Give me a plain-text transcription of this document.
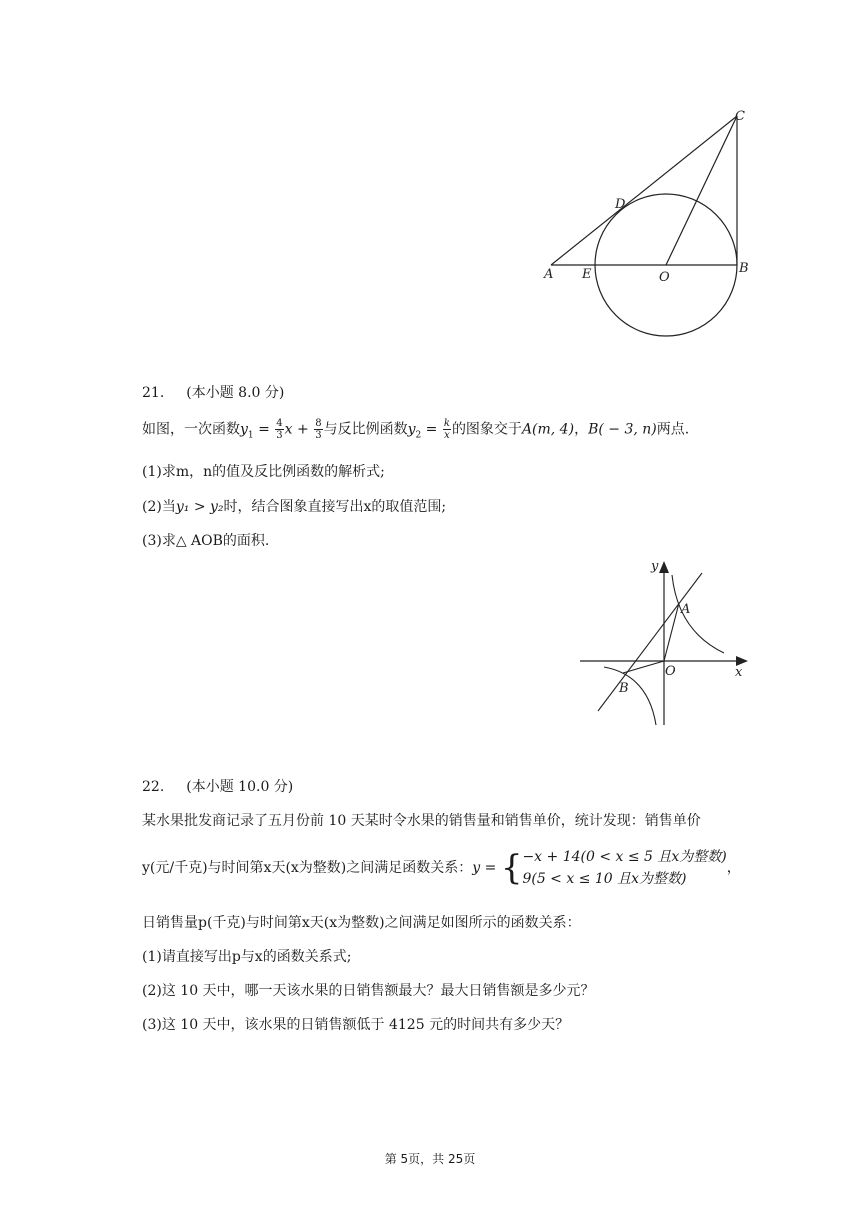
A E	O
B
C
D
21. (本小题 8.0 分)
如图，一次函数$y_1 = \frac{4}{3}$ $x + \frac{8}{3}$ 与反比例函数$y_2 = \frac{k}{x}$ 的图象交于A(m, 4)，B( − 3, n)两点.
(1)求m，n的值及反比例函数的解析式;
(2)当y₁ > y₂时，结合图象直接写出x的取值范围;
(3)求△ AOB的面积.
y
x
O
A
B
22. (本小题 10.0 分)
某水果批发商记录了五月份前 10 天某时令水果的销售量和销售单价，统计发现：销售单价
y(元/千克)与时间第x天(x为整数)之间满足函数关系：y = { −x + 14(0 < x ≤ 5 且x为整数)
9(5 < x ≤ 10 且x为整数)
，
日销售量p(千克)与时间第x天(x为整数)之间满足如图所示的函数关系：
(1)请直接写出p与x的函数关系式;
(2)这 10 天中，哪一天该水果的日销售额最大？最大日销售额是多少元？
(3)这 10 天中，该水果的日销售额低于 4125 元的时间共有多少天？
第 5页，共 25页
